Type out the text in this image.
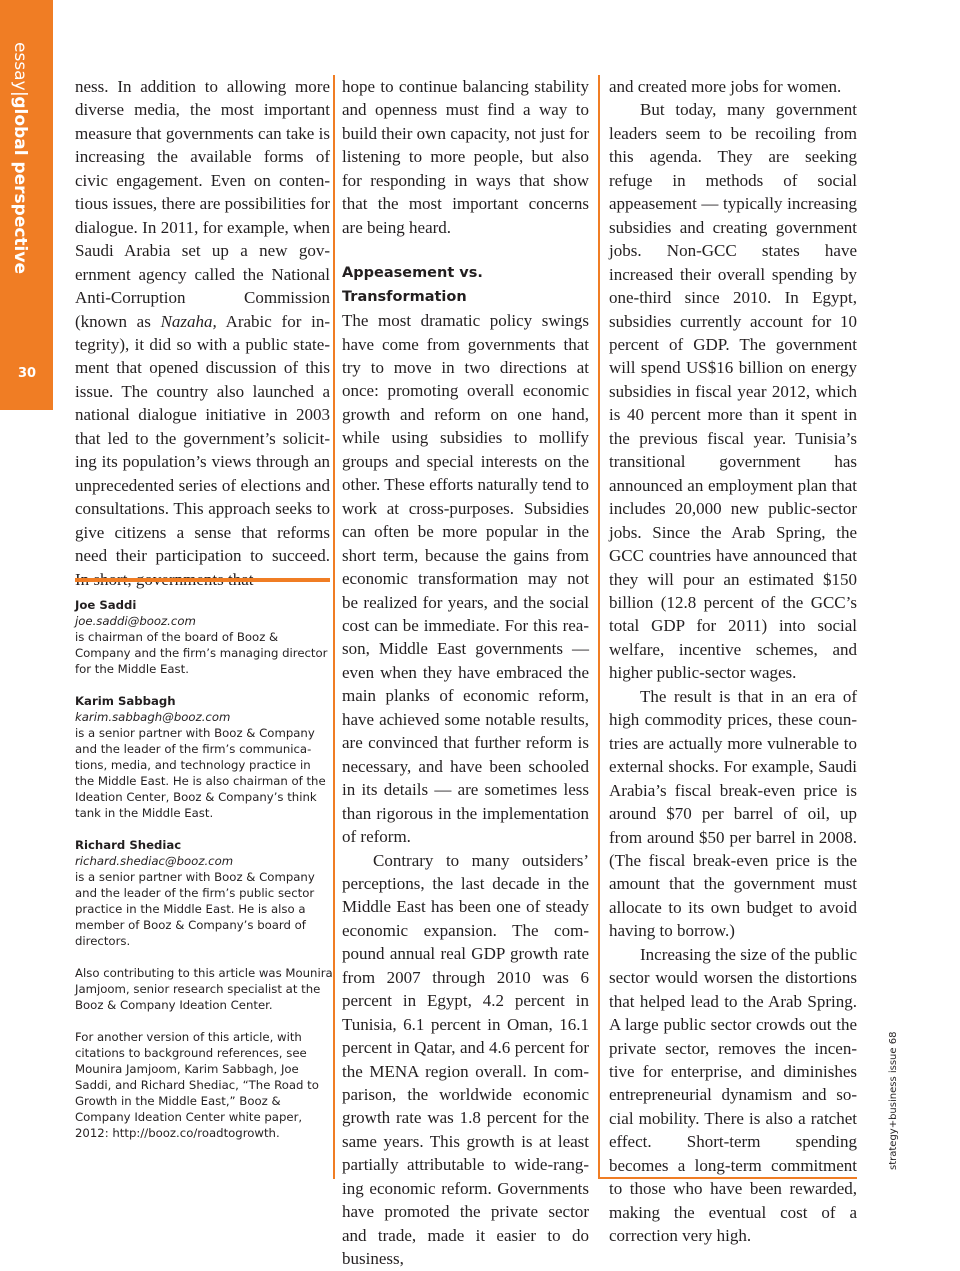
essay|global perspective
30

ness. In addition to allowing more diverse media, the most important measure that governments can take is increasing the available forms of civic engagement. Even on contentious issues, there are possibilities for dialogue. In 2011, for example, when Saudi Arabia set up a new government agency called the National Anti-Corruption Commission (known as Nazaha, Arabic for integrity), it did so with a public statement that opened discussion of this issue. The country also launched a national dialogue initiative in 2003 that led to the government’s soliciting its population’s views through an unprecedented series of elections and consultations. This approach seeks to give citizens a sense that reforms need their participation to succeed.

Joe Saddi
joe.saddi@booz.com
is chairman of the board of Booz & Company and the firm’s managing director for the Middle East.
Karim Sabbagh
karim.sabbagh@booz.com
is a senior partner with Booz & Company and the leader of the firm’s communications, media, and technology practice in the Middle East. He is also chairman of the Ideation Center, Booz & Company’s think tank in the Middle East.
Richard Shediac
richard.shediac@booz.com
is a senior partner with Booz & Company and the leader of the firm’s public sector practice in the Middle East. He is also a member of Booz & Company’s board of directors.

Also contributing to this article was Mounira Jamjoom, senior research specialist at the Booz & Company Ideation Center.

For another version of this article, with citations to background references, see Mounira Jamjoom, Karim Sabbagh, Joe Saddi, and Richard Shediac, “The Road to Growth in the Middle East,” Booz & Company Ideation Center white paper, 2012: http://booz.co/roadtogrowth.

hope to continue balancing stability and openness must find a way to build their own capacity, not just for listening to more people, but also for responding in ways that show that the most important concerns are being heard.

Appeasement vs. Transformation

The most dramatic policy swings have come from governments that try to move in two directions at once: promoting overall economic growth and reform on one hand, while using subsidies to mollify groups and special interests on the other. These efforts naturally tend to work at cross-purposes. Subsidies can often be more popular in the short term, because the gains from economic transformation may not be realized for years, and the social cost can be immediate. For this reason, Middle East governments — even when they have embraced the main planks of economic reform, have achieved some notable results, are convinced that further reform is necessary, and have been schooled in its details — are sometimes less than rigorous in the implementation of reform.

Contrary to many outsiders’ perceptions, the last decade in the Middle East has been one of steady economic expansion. The compound annual real GDP growth rate from 2007 through 2010 was 6 percent in Egypt, 4.2 percent in Tunisia, 6.1 percent in Oman, 16.1 percent in Qatar, and 4.6 percent for the MENA region overall. In comparison, the worldwide economic growth rate was 1.8 percent for the same years. This growth is at least partially attributable to wide-ranging economic reform. Governments have promoted the private sector and trade, made it easier to do business,

and created more jobs for women.

But today, many government leaders seem to be recoiling from this agenda. They are seeking refuge in methods of social appeasement — typically increasing subsidies and creating government jobs. Non-GCC states have increased their overall spending by one-third since 2010. In Egypt, subsidies currently account for 10 percent of GDP. The government will spend US$16 billion on energy subsidies in fiscal year 2012, which is 40 percent more than it spent in the previous fiscal year. Tunisia’s transitional government has announced an employment plan that includes 20,000 new public-sector jobs. Since the Arab Spring, the GCC countries have announced that they will pour an estimated $150 billion (12.8 percent of the GCC’s total GDP for 2011) into social welfare, incentive schemes, and higher public-sector wages.

The result is that in an era of high commodity prices, these countries are actually more vulnerable to external shocks. For example, Saudi Arabia’s fiscal break-even price is around $70 per barrel of oil, up from around $50 per barrel in 2008. (The fiscal break-even price is the amount that the government must allocate to its own budget to avoid having to borrow.)

Increasing the size of the public sector would worsen the distortions that helped lead to the Arab Spring. A large public sector crowds out the private sector, removes the incentive for enterprise, and diminishes entrepreneurial dynamism and social mobility. There is also a ratchet effect. Short-term spending becomes a long-term commitment to those who have been rewarded, making the eventual cost of a correction very high.

strategy+business issue 68
